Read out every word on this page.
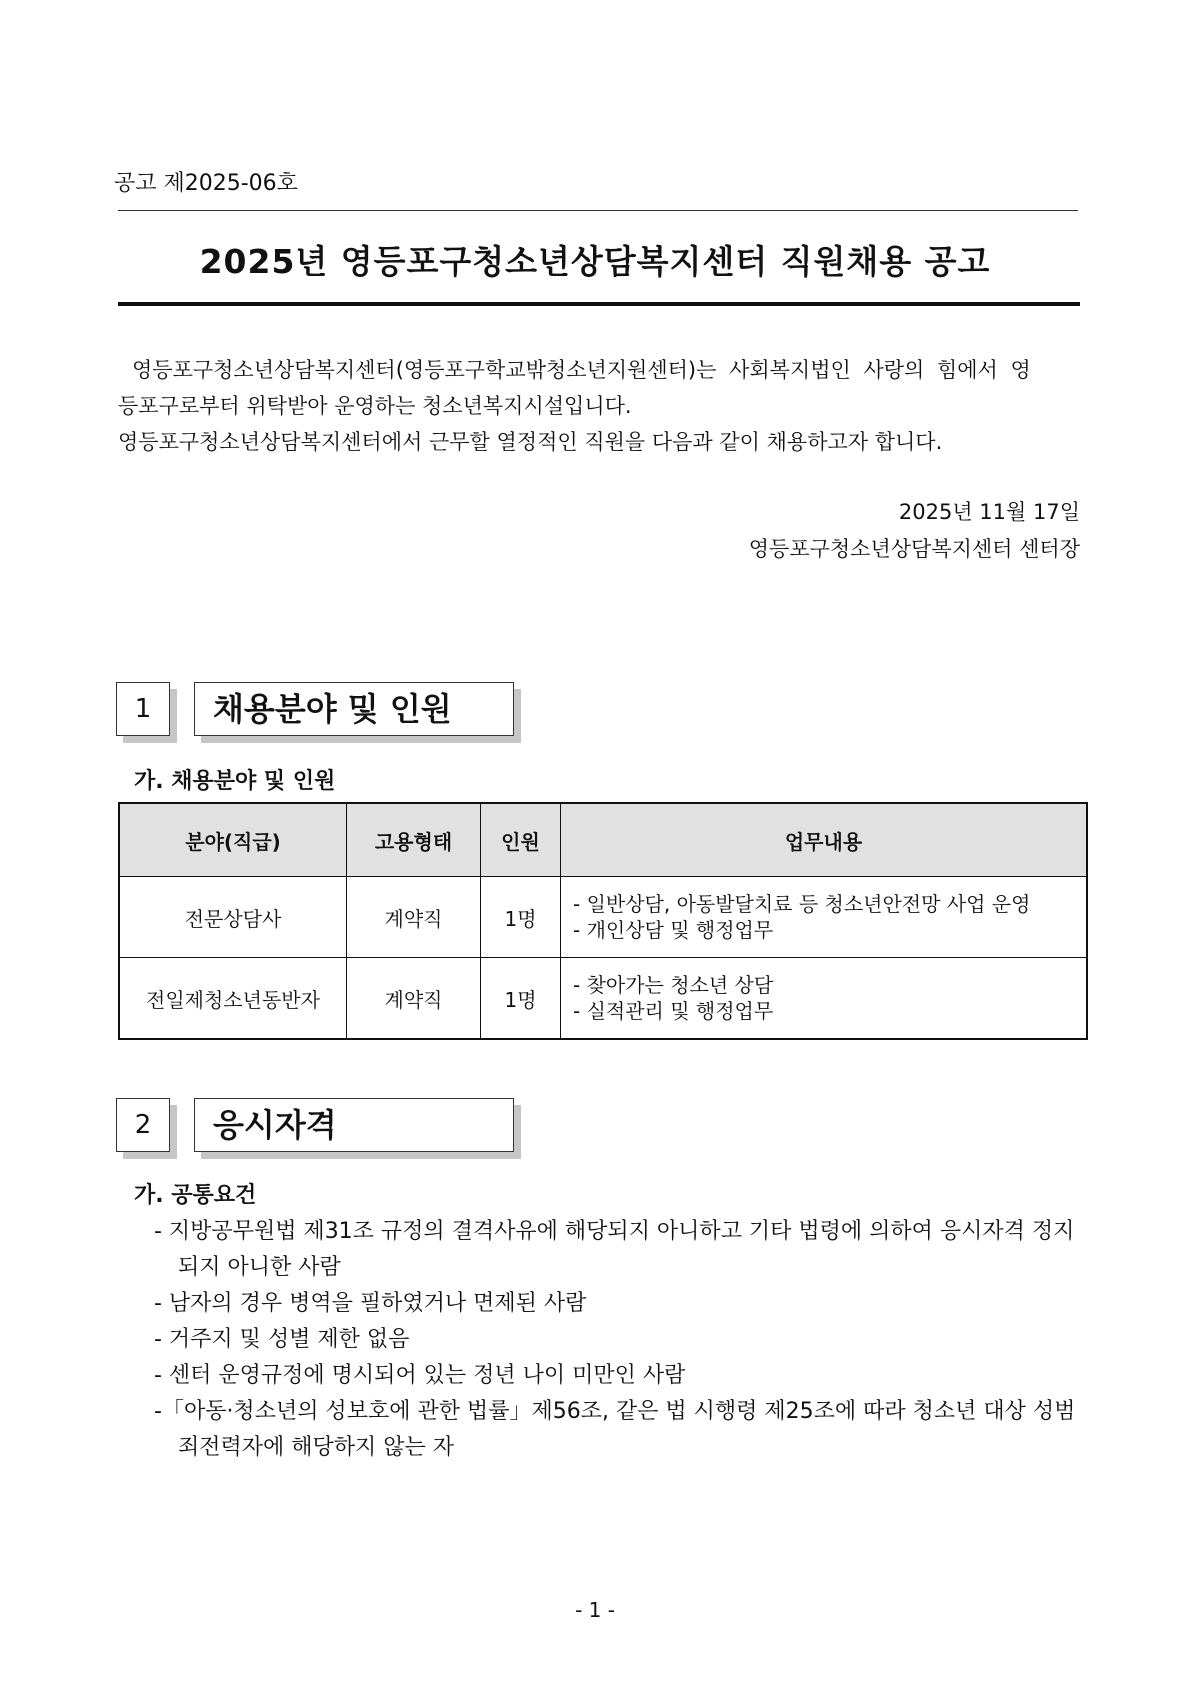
공고 제2025-06호
2025년 영등포구청소년상담복지센터 직원채용 공고
영등포구청소년상담복지센터(영등포구학교밖청소년지원센터)는 사회복지법인 사랑의 힘에서 영
등포구로부터 위탁받아 운영하는 청소년복지시설입니다.
영등포구청소년상담복지센터에서 근무할 열정적인 직원을 다음과 같이 채용하고자 합니다.
2025년 11월 17일
영등포구청소년상담복지센터 센터장
1	채용분야 및 인원
가. 채용분야 및 인원
분야(직급)	고용형태	인원	업무내용
전문상담사	계약직	1명	- 일반상담, 아동발달치료 등 청소년안전망 사업 운영
- 개인상담 및 행정업무

전일제청소년동반자	계약직	1명	- 찾아가는 청소년 상담
- 실적관리 및 행정업무
2	응시자격
가. 공통요건
- 지방공무원법 제31조 규정의 결격사유에 해당되지 아니하고 기타 법령에 의하여 응시자격 정지되지 아니한 사람
- 남자의 경우 병역을 필하였거나 면제된 사람
- 거주지 및 성별 제한 없음
- 센터 운영규정에 명시되어 있는 정년 나이 미만인 사람
-「아동·청소년의 성보호에 관한 법률」제56조, 같은 법 시행령 제25조에 따라 청소년 대상 성범죄전력자에 해당하지 않는 자
- 1 -
